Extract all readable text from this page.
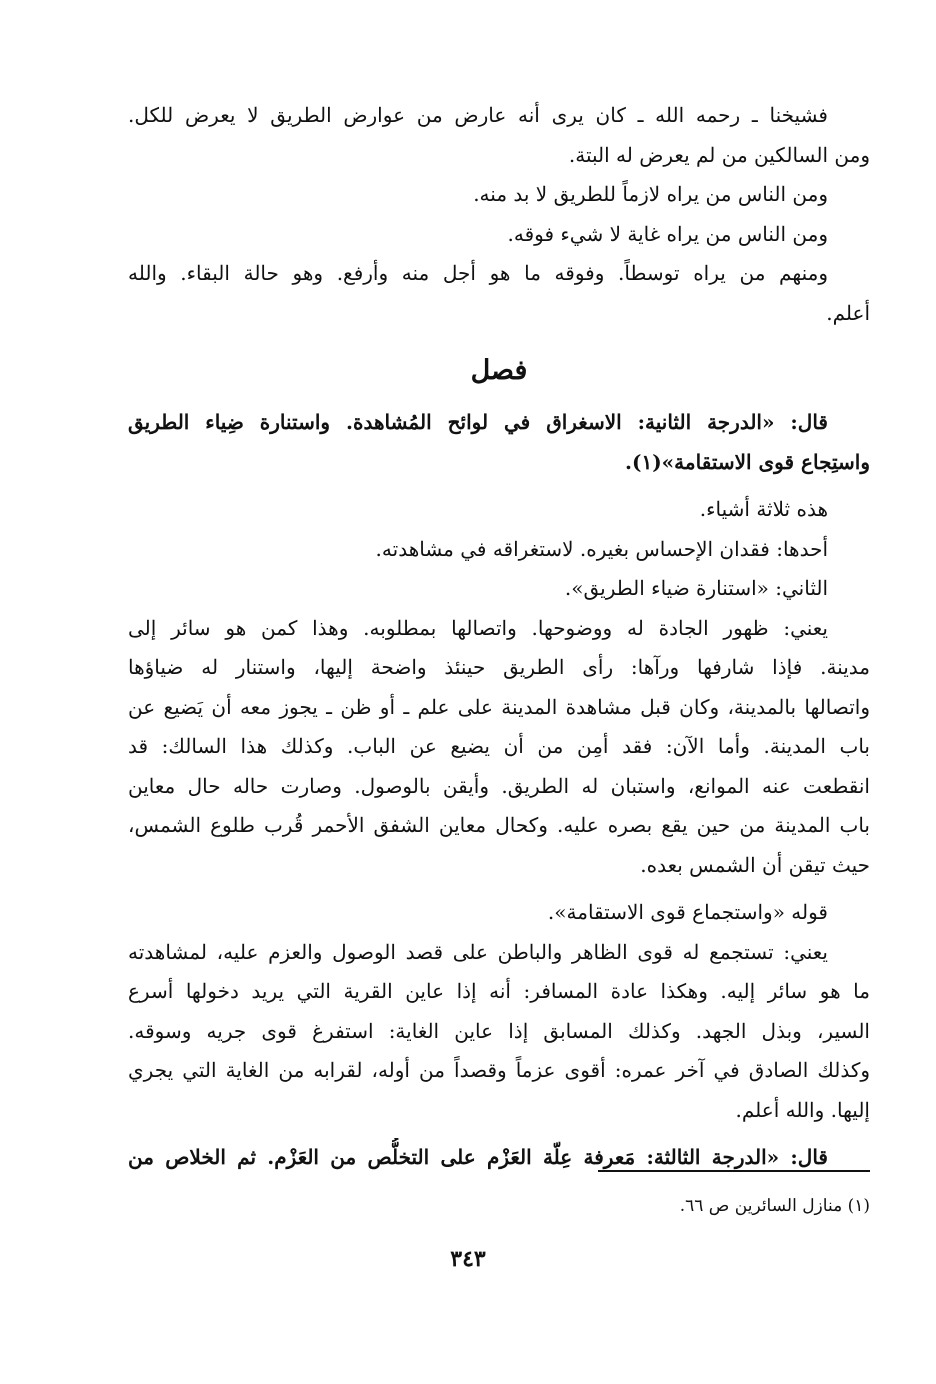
فشيخنا ـ رحمه الله ـ كان يرى أنه عارض من عوارض الطريق لا يعرض للكل.
ومن السالكين من لم يعرض له البتة.
ومن الناس من يراه لازماً للطريق لا بد منه.
ومن الناس من يراه غاية لا شيء فوقه.
ومنهم من يراه توسطاً. وفوقه ما هو أجل منه وأرفع. وهو حالة البقاء. والله
أعلم.
فصل
قال: «الدرجة الثانية: الاسغراق في لوائح المُشاهدة. واستنارة ضِياء الطريق
واستِجاع قوى الاستقامة»(١).
هذه ثلاثة أشياء.
أحدها: فقدان الإحساس بغيره. لاستغراقه في مشاهدته.
الثاني: «استنارة ضياء الطريق».
يعني: ظهور الجادة له ووضوحها. واتصالها بمطلوبه. وهذا كمن هو سائر إلى
مدينة. فإذا شارفها ورآها: رأى الطريق حينئذ واضحة إليها، واستنار له ضياؤها
واتصالها بالمدينة، وكان قبل مشاهدة المدينة على علم ـ أو ظن ـ يجوز معه أن يَضيع عن
باب المدينة. وأما الآن: فقد أمِن من أن يضيع عن الباب. وكذلك هذا السالك: قد
انقطعت عنه الموانع، واستبان له الطريق. وأيقن بالوصول. وصارت حاله حال معاين
باب المدينة من حين يقع بصره عليه. وكحال معاين الشفق الأحمر قُرب طلوع الشمس،
حيث تيقن أن الشمس بعده.
قوله «واستجماع قوى الاستقامة».
يعني: تستجمع له قوى الظاهر والباطن على قصد الوصول والعزم عليه، لمشاهدته
ما هو سائر إليه. وهكذا عادة المسافر: أنه إذا عاين القرية التي يريد دخولها أسرع
السير، وبذل الجهد. وكذلك المسابق إذا عاين الغاية: استفرغ قوى جريه وسوقه.
وكذلك الصادق في آخر عمره: أقوى عزماً وقصداً من أوله، لقرابه من الغاية التي يجري
إليها. والله أعلم.
قال: «الدرجة الثالثة: مَعرفة عِلّة العَزْم على التخلُّص من العَزْم. ثم الخلاص من
(١) منازل السائرين ص ٦٦.
٣٤٣
